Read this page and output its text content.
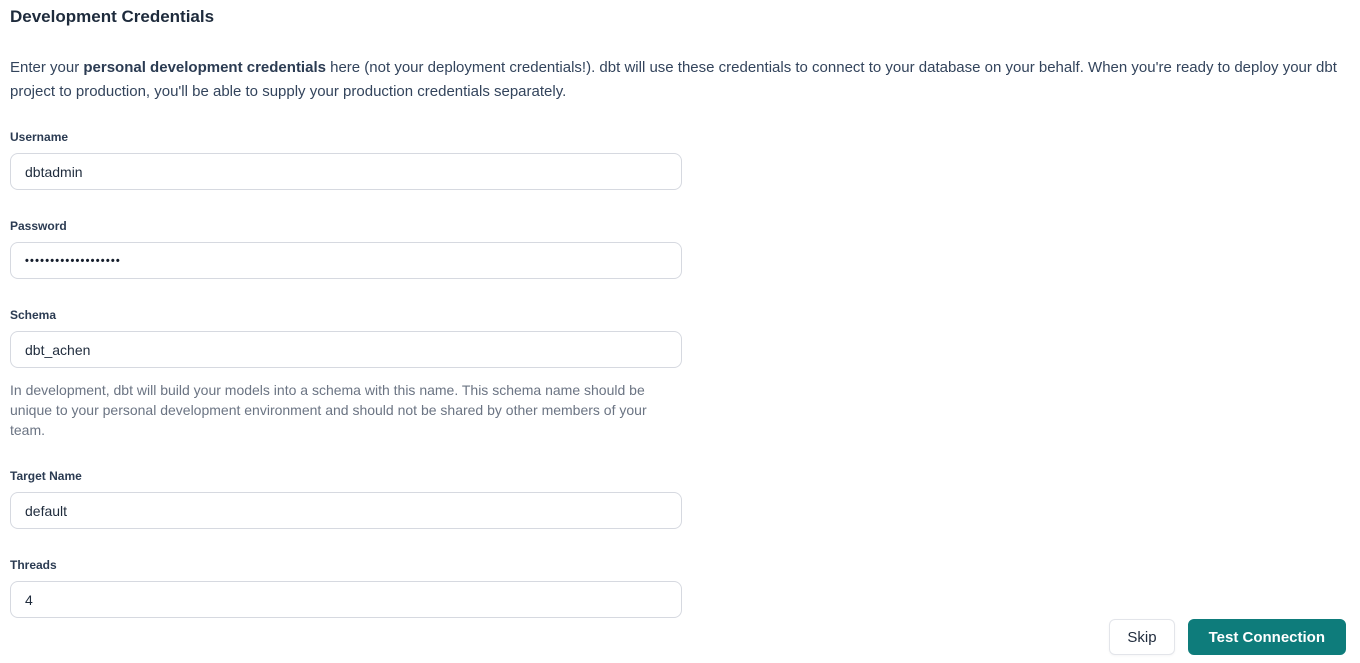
Development Credentials

Enter your personal development credentials here (not your deployment credentials!). dbt will use these credentials to connect to your database on your behalf. When you're ready to deploy your dbt project to production, you'll be able to supply your production credentials separately.

Username
dbtadmin
Password
•••••••••••••••••••
Schema
dbt_achen

In development, dbt will build your models into a schema with this name. This schema name should be unique to your personal development environment and should not be shared by other members of your team.

Target Name
default
Threads
4
Skip	Test Connection
